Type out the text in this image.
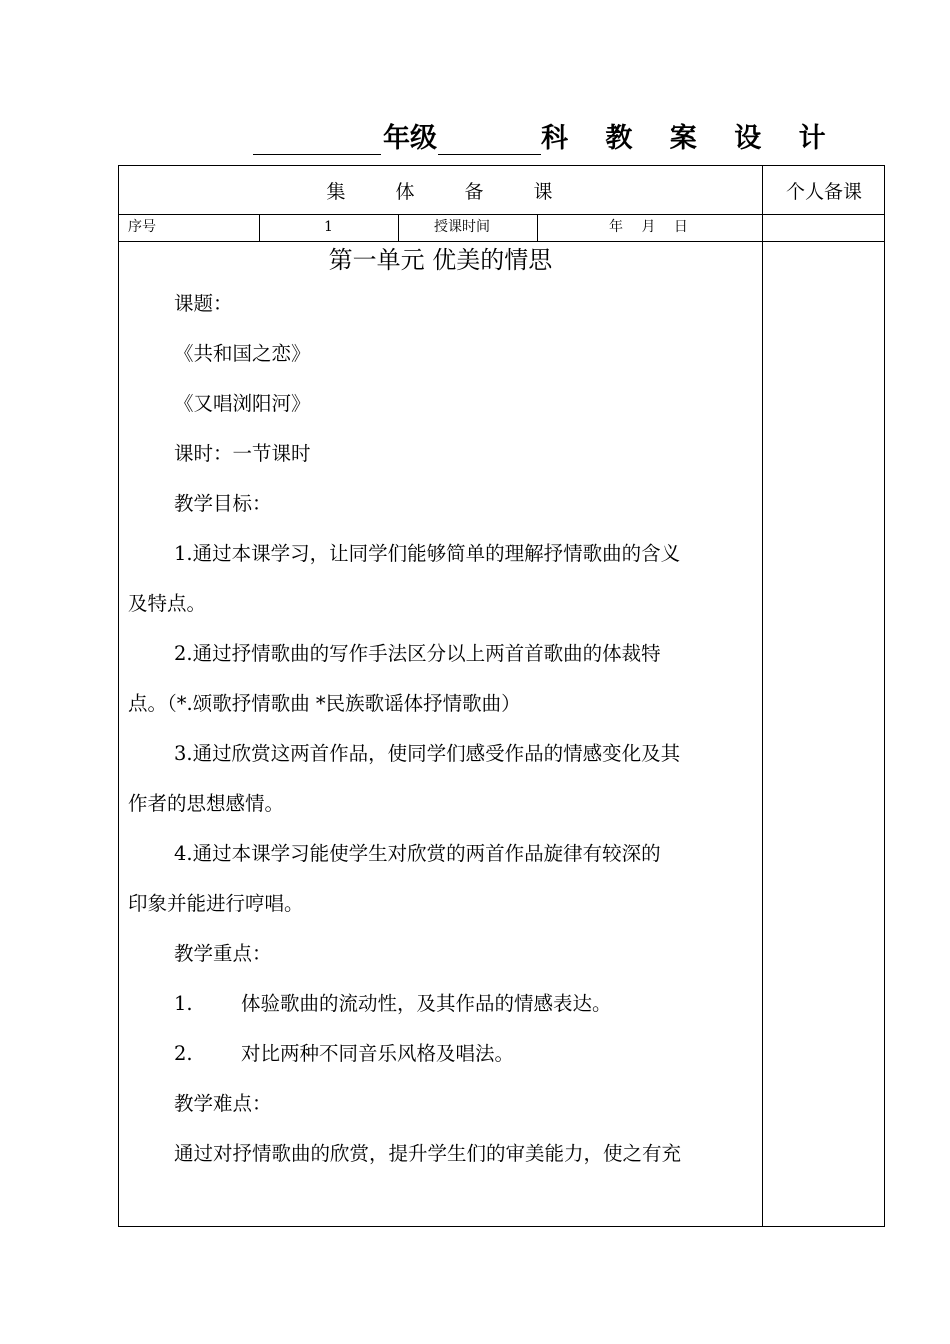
年级	科 教 案 设 计
集 体 备 课	个人备课
序号	1	授课时间	年　 月　 日
第一单元 优美的情思

课题：

《共和国之恋》

《又唱浏阳河》

课时：一节课时

教学目标：

1.通过本课学习，让同学们能够简单的理解抒情歌曲的含义

及特点。

2.通过抒情歌曲的写作手法区分以上两首首歌曲的体裁特

点。（*.颂歌抒情歌曲 *民族歌谣体抒情歌曲）

3.通过欣赏这两首作品，使同学们感受作品的情感变化及其

作者的思想感情。

4.通过本课学习能使学生对欣赏的两首作品旋律有较深的

印象并能进行哼唱。

教学重点：

1. 体验歌曲的流动性，及其作品的情感表达。
2. 对比两种不同音乐风格及唱法。

教学难点：

通过对抒情歌曲的欣赏，提升学生们的审美能力，使之有充
